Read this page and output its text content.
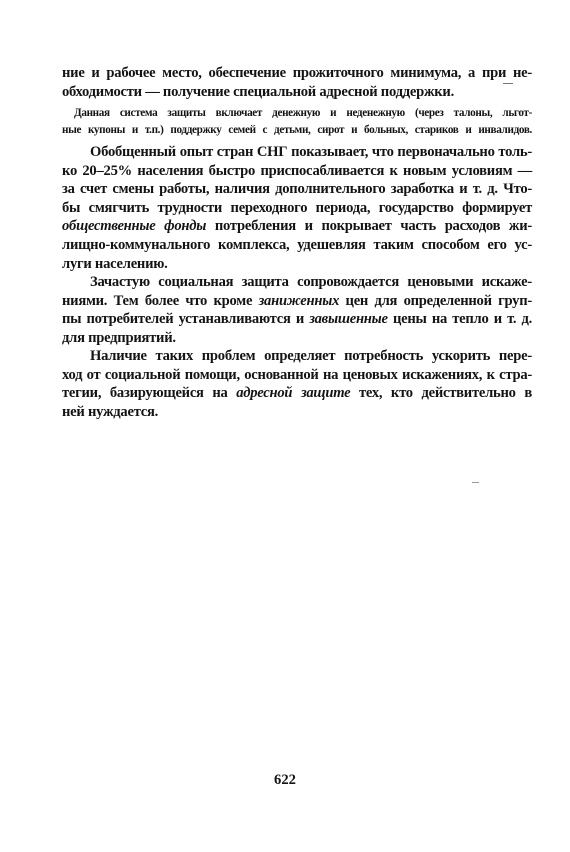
ние и рабочее место, обеспечение прожиточного минимума, а при не-
обходимости — получение специальной адресной поддержки.
Данная система защиты включает денежную и неденежную (через талоны, льгот-
ные купоны и т.п.) поддержку семей с детьми, сирот и больных, стариков и инвалидов.
Обобщенный опыт стран СНГ показывает, что первоначально толь-
ко 20–25% населения быстро приспосабливается к новым условиям —
за счет смены работы, наличия дополнительного заработка и т. д. Что-
бы смягчить трудности переходного периода, государство формирует
общественные фонды потребления и покрывает часть расходов жи-
лищно-коммунального комплекса, удешевляя таким способом его ус-
луги населению.
Зачастую социальная защита сопровождается ценовыми искаже-
ниями. Тем более что кроме заниженных цен для определенной груп-
пы потребителей устанавливаются и завышенные цены на тепло и т. д.
для предприятий.
Наличие таких проблем определяет потребность ускорить пере-
ход от социальной помощи, основанной на ценовых искажениях, к стра-
тегии, базирующейся на адресной защите тех, кто действительно в
ней нуждается.
622
